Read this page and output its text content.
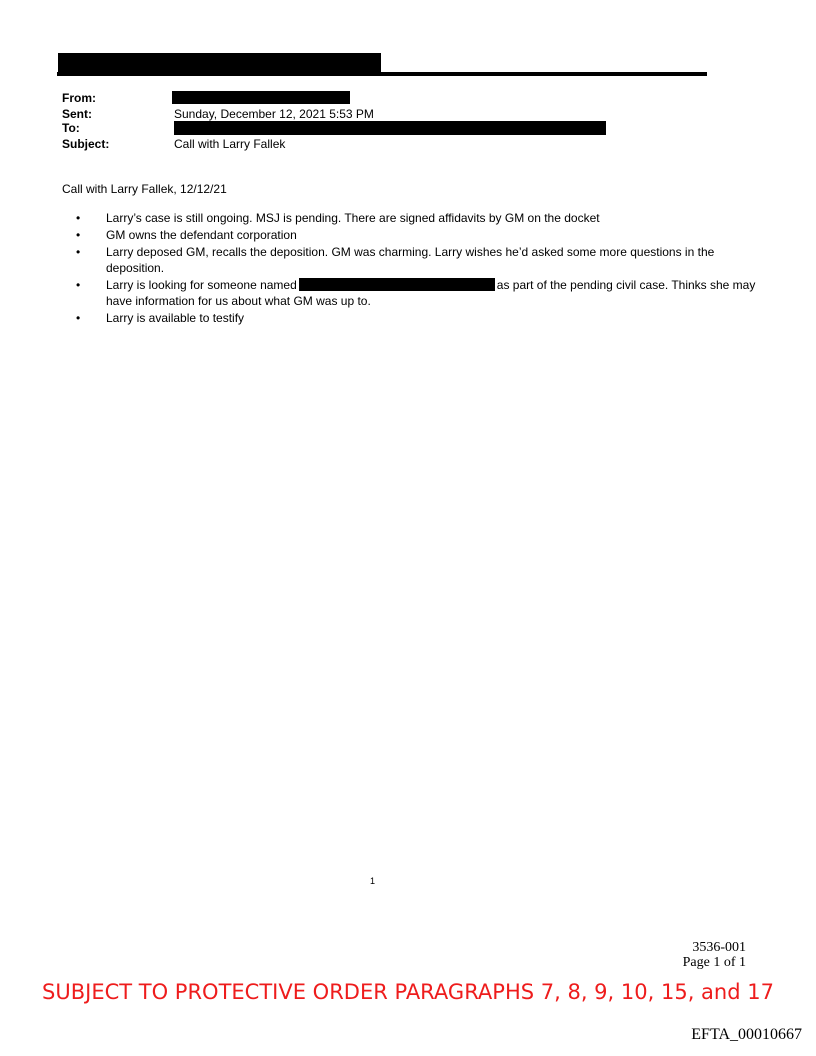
From:
Sent:	Sunday, December 12, 2021 5:53 PM
To:
Subject:	Call with Larry Fallek
Call with Larry Fallek, 12/12/21
• Larry’s case is still ongoing. MSJ is pending. There are signed affidavits by GM on the docket
• GM owns the defendant corporation
• Larry deposed GM, recalls the deposition. GM was charming. Larry wishes he’d asked some more questions in the deposition.
• Larry is looking for someone named	as part of the pending civil case. Thinks she may have information for us about what GM was up to.
• Larry is available to testify
1
3536-001
Page 1 of 1
SUBJECT TO PROTECTIVE ORDER PARAGRAPHS 7, 8, 9, 10, 15, and 17
EFTA_00010667
